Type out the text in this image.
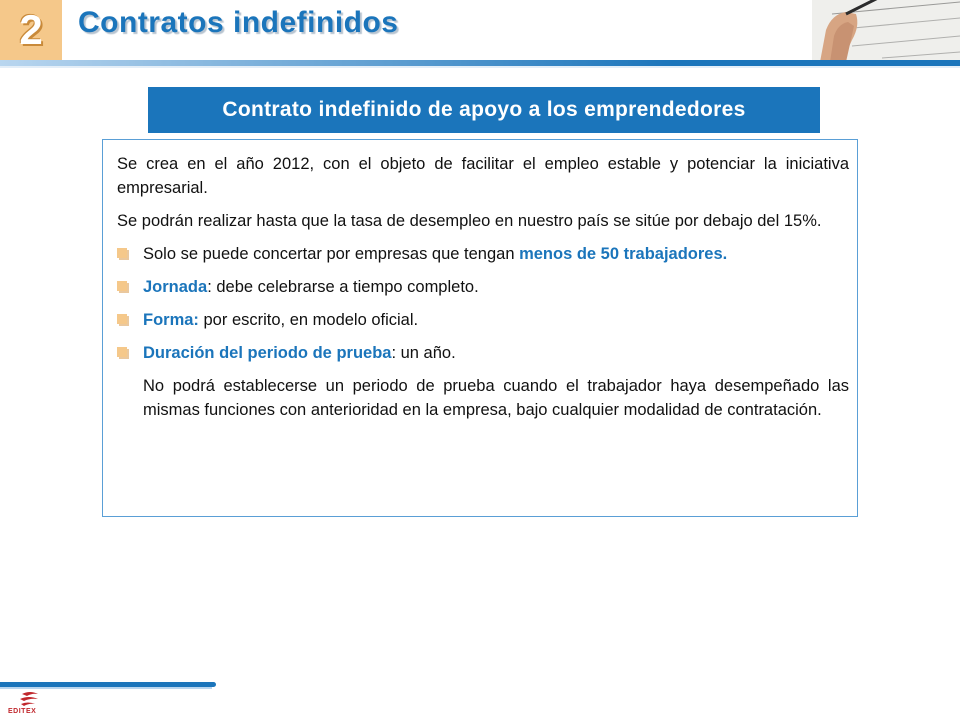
2	Contratos indefinidos
Contrato indefinido de apoyo a los emprendedores

Se crea en el año 2012, con el objeto de facilitar el empleo estable y potenciar la iniciativa empresarial.

Se podrán realizar hasta que la tasa de desempleo en nuestro país se sitúe por debajo del 15%.

Solo se puede concertar por empresas que tengan menos de 50 trabajadores.
Jornada: debe celebrarse a tiempo completo.
Forma: por escrito, en modelo oficial.
Duración del periodo de prueba: un año.

No podrá establecerse un periodo de prueba cuando el trabajador haya desempeñado las mismas funciones con anterioridad en la empresa, bajo cualquier modalidad de contratación.

EDITEX
